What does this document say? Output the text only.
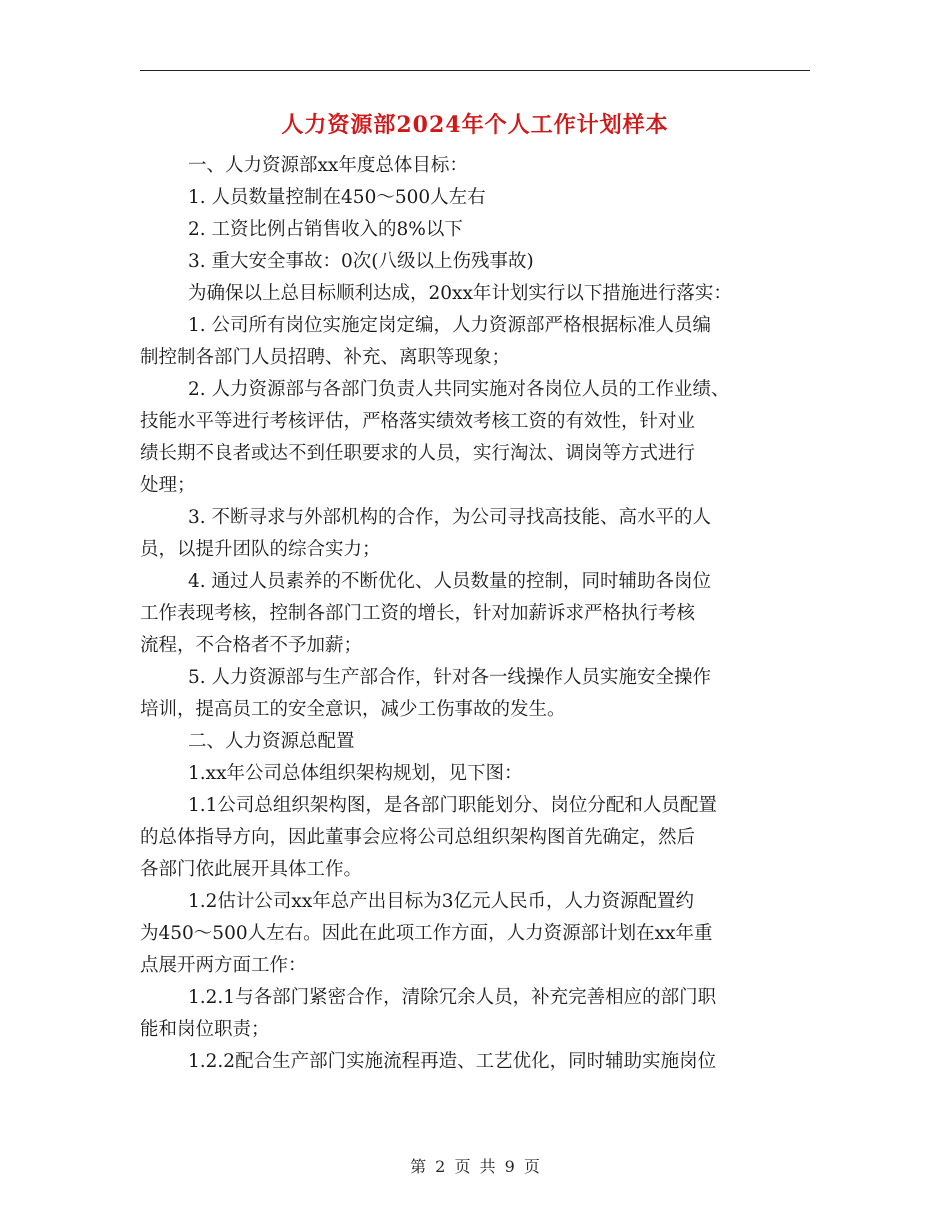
人力资源部2024年个人工作计划样本

一、人力资源部xx年度总体目标：

1. 人员数量控制在450～500人左右

2. 工资比例占销售收入的8%以下

3. 重大安全事故：0次(八级以上伤残事故)

为确保以上总目标顺利达成，20xx年计划实行以下措施进行落实：

1. 公司所有岗位实施定岗定编，人力资源部严格根据标准人员编
制控制各部门人员招聘、补充、离职等现象；

2. 人力资源部与各部门负责人共同实施对各岗位人员的工作业绩、
技能水平等进行考核评估，严格落实绩效考核工资的有效性，针对业
绩长期不良者或达不到任职要求的人员，实行淘汰、调岗等方式进行
处理；

3. 不断寻求与外部机构的合作，为公司寻找高技能、高水平的人
员，以提升团队的综合实力；

4. 通过人员素养的不断优化、人员数量的控制，同时辅助各岗位
工作表现考核，控制各部门工资的增长，针对加薪诉求严格执行考核
流程，不合格者不予加薪；

5. 人力资源部与生产部合作，针对各一线操作人员实施安全操作
培训，提高员工的安全意识，减少工伤事故的发生。

二、人力资源总配置

1.xx年公司总体组织架构规划，见下图：

1.1公司总组织架构图，是各部门职能划分、岗位分配和人员配置
的总体指导方向，因此董事会应将公司总组织架构图首先确定，然后
各部门依此展开具体工作。

1.2估计公司xx年总产出目标为3亿元人民币，人力资源配置约
为450～500人左右。因此在此项工作方面，人力资源部计划在xx年重
点展开两方面工作：

1.2.1与各部门紧密合作，清除冗余人员，补充完善相应的部门职
能和岗位职责；

1.2.2配合生产部门实施流程再造、工艺优化，同时辅助实施岗位

第 2 页 共 9 页
